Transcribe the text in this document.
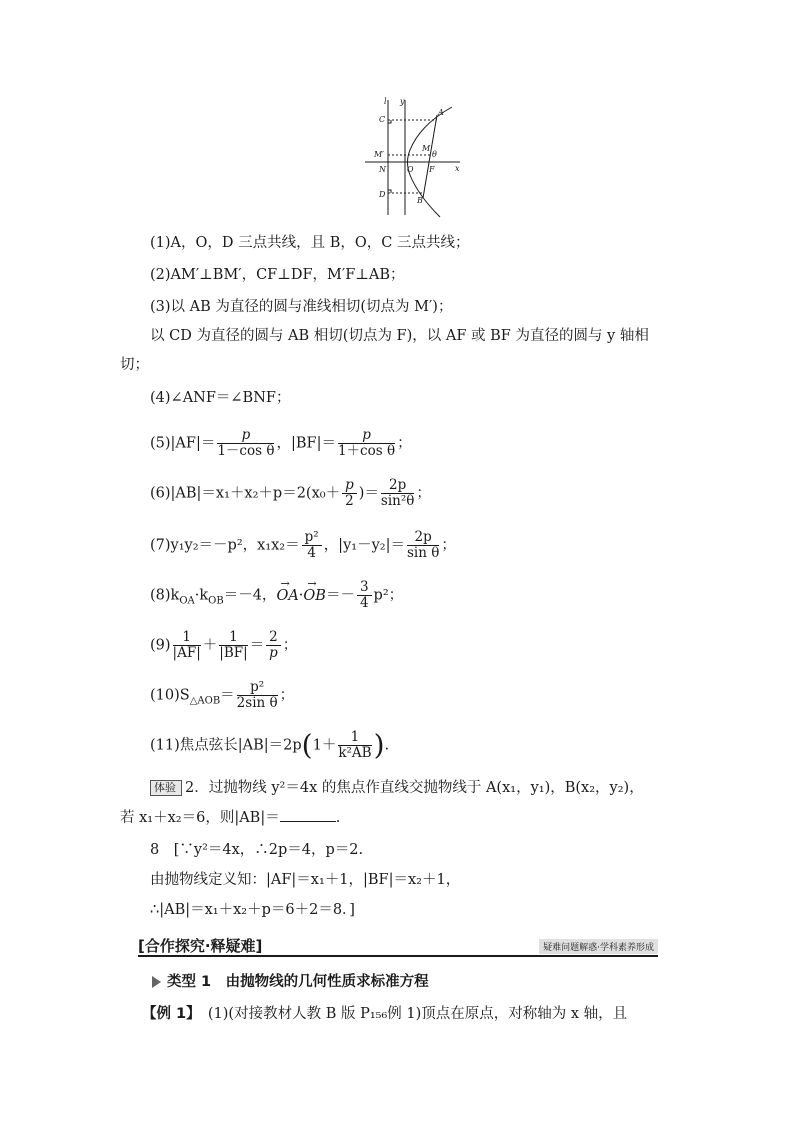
l y
A
C
M′
M
θ
N	O F	x
D
B
(1)A，O，D 三点共线，且 B，O，C 三点共线；
(2)AM′⊥BM′，CF⊥DF，M′F⊥AB；
(3)以 AB 为直径的圆与准线相切(切点为 M′)；
以 CD 为直径的圆与 AB 相切(切点为 F)，以 AF 或 BF 为直径的圆与 y 轴相
切；
(4)∠ANF＝∠BNF；
$(5)|AF|= \frac{p}{\text{1－cos θ}}$ ，$|BF|= \frac{p}{\text{1＋cos θ}}$ ；
$(6)|AB|=x_1+x_2+p=2(x_0+ \frac{p}{2}$ )＝ $\frac{2p}{\text{sin²θ}}$ ；
(7)y₁y₂＝－p²，$x_1x_2= \frac{\text{p²}}{4}$ ，$|y_1-y_2|= \frac{2p}{\text{sin θ}}$ ；
$(8)k_{OA}\cdot k_{OB}=-4$，→ $OA\cdot\to OB=- \frac{3}{4} p^2$；
$(9) \frac{1}{|AF|} + \frac{1}{|BF|} = \frac{2}{p}$ ；
$(10)S_{\triangle AOB}= \frac{\text{p²}}{\text{2sin θ}}$ ；
(11)焦点弦长$|AB|=2p(1+ \frac{1}{\text{k²AB}}$ ).
体验 2．过抛物线 y²＝4x 的焦点作直线交抛物线于 A(x₁，y₁)，B(x₂，y₂)，
若 x₁＋x₂＝6，则|AB|＝	.
8　[∵y²＝4x，∴2p＝4，p＝2.
由抛物线定义知：|AF|＝x₁＋1，|BF|＝x₂＋1，
∴|AB|＝x₁＋x₂＋p＝6＋2＝8．]
[合作探究·释疑难]	疑难问题解惑·学科素养形成
类型 1　 由抛物线的几何性质求标准方程
【例 1】　 (1)(对接教材人教 B 版 P₁₅₆例 1)顶点在原点，对称轴为 x 轴，且
